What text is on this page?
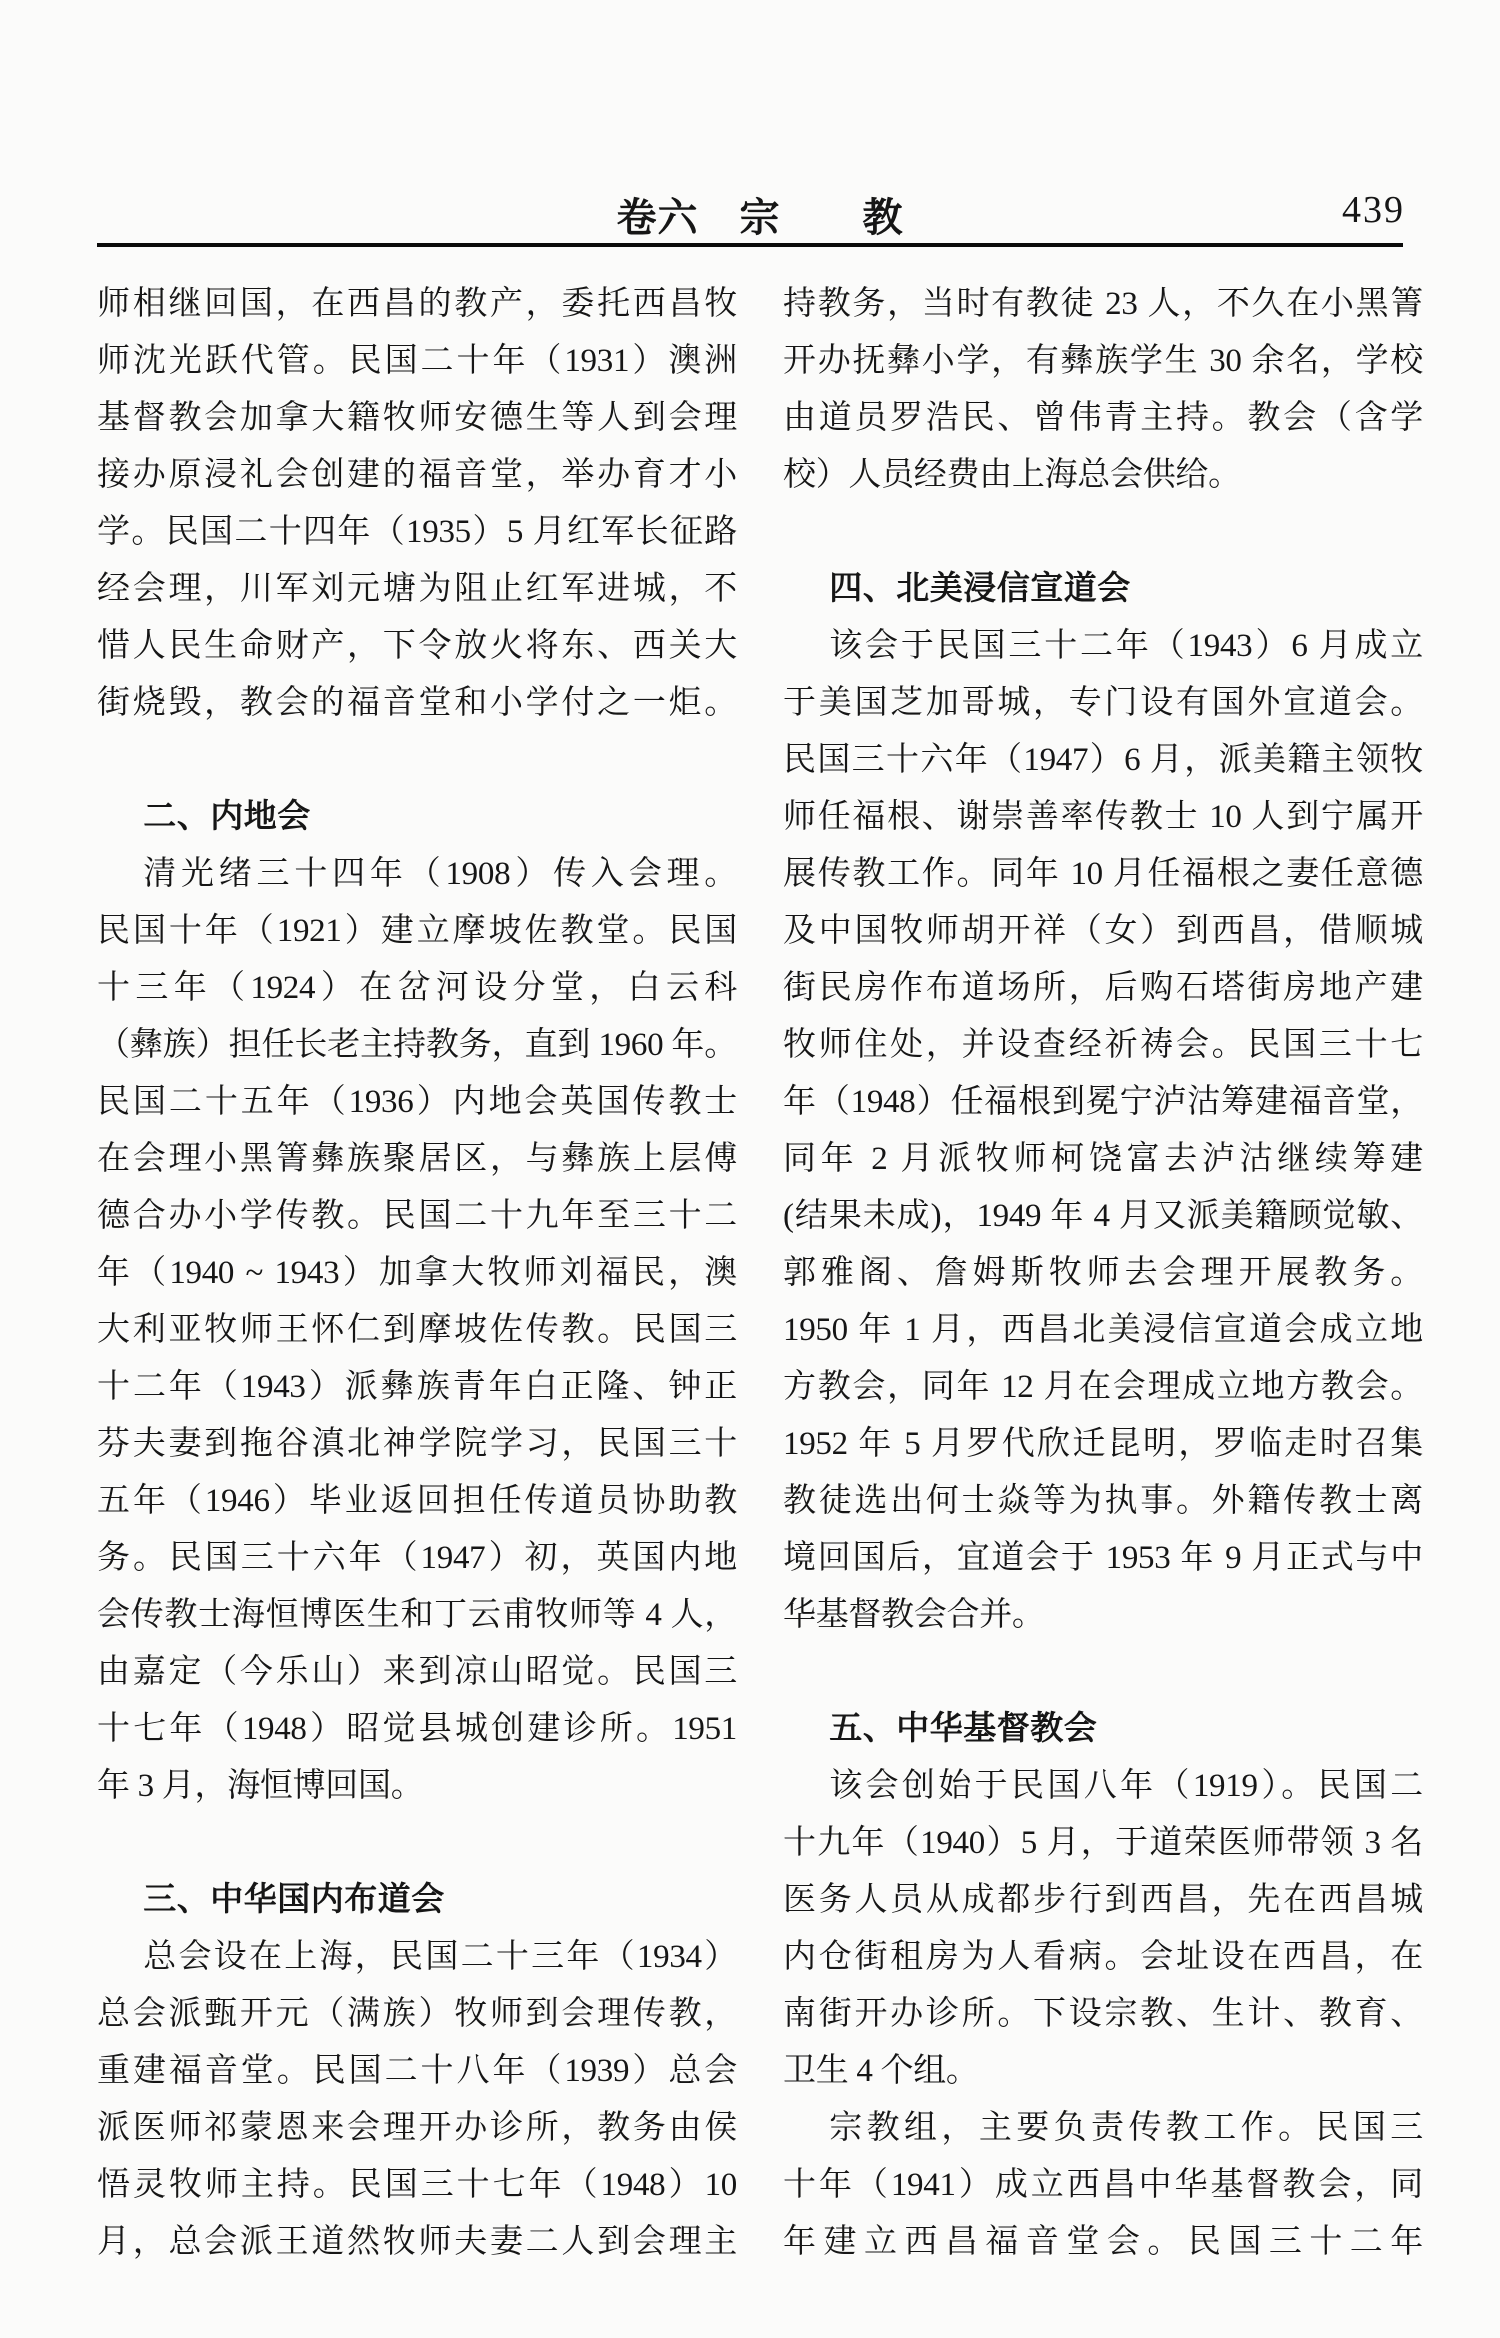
卷六　宗　　教	439
师相继回国，在西昌的教产，委托西昌牧
师沈光跃代管。民国二十年（1931）澳洲
基督教会加拿大籍牧师安德生等人到会理
接办原浸礼会创建的福音堂，举办育才小
学。民国二十四年（1935）5 月红军长征路
经会理，川军刘元塘为阻止红军进城，不
惜人民生命财产，下令放火将东、西关大
街烧毁，教会的福音堂和小学付之一炬。
二、内地会
清光绪三十四年（1908）传入会理。
民国十年（1921）建立摩坡佐教堂。民国
十三年（1924）在岔河设分堂，白云科
（彝族）担任长老主持教务，直到 1960 年。
民国二十五年（1936）内地会英国传教士
在会理小黑箐彝族聚居区，与彝族上层傅
德合办小学传教。民国二十九年至三十二
年（1940 ~ 1943）加拿大牧师刘福民，澳
大利亚牧师王怀仁到摩坡佐传教。民国三
十二年（1943）派彝族青年白正隆、钟正
芬夫妻到拖谷滇北神学院学习，民国三十
五年（1946）毕业返回担任传道员协助教
务。民国三十六年（1947）初，英国内地
会传教士海恒博医生和丁云甫牧师等 4 人，
由嘉定（今乐山）来到凉山昭觉。民国三
十七年（1948）昭觉县城创建诊所。1951
年 3 月，海恒博回国。
三、中华国内布道会
总会设在上海，民国二十三年（1934）
总会派甄开元（满族）牧师到会理传教，
重建福音堂。民国二十八年（1939）总会
派医师祁蒙恩来会理开办诊所，教务由侯
悟灵牧师主持。民国三十七年（1948）10
月，总会派王道然牧师夫妻二人到会理主
持教务，当时有教徒 23 人，不久在小黑箐
开办抚彝小学，有彝族学生 30 余名，学校
由道员罗浩民、曾伟青主持。教会（含学
校）人员经费由上海总会供给。
四、北美浸信宣道会
该会于民国三十二年（1943）6 月成立
于美国芝加哥城，专门设有国外宣道会。
民国三十六年（1947）6 月，派美籍主领牧
师任福根、谢崇善率传教士 10 人到宁属开
展传教工作。同年 10 月任福根之妻任意德
及中国牧师胡开祥（女）到西昌，借顺城
街民房作布道场所，后购石塔街房地产建
牧师住处，并设查经祈祷会。民国三十七
年（1948）任福根到冕宁泸沽筹建福音堂，
同年 2 月派牧师柯饶富去泸沽继续筹建
(结果未成)，1949 年 4 月又派美籍顾觉敏、
郭雅阁、詹姆斯牧师去会理开展教务。
1950 年 1 月，西昌北美浸信宣道会成立地
方教会，同年 12 月在会理成立地方教会。
1952 年 5 月罗代欣迁昆明，罗临走时召集
教徒选出何士焱等为执事。外籍传教士离
境回国后，宜道会于 1953 年 9 月正式与中
华基督教会合并。
五、中华基督教会
该会创始于民国八年（1919）。民国二
十九年（1940）5 月，于道荣医师带领 3 名
医务人员从成都步行到西昌，先在西昌城
内仓街租房为人看病。会址设在西昌，在
南街开办诊所。下设宗教、生计、教育、
卫生 4 个组。
宗教组，主要负责传教工作。民国三
十年（1941）成立西昌中华基督教会，同
年建立西昌福音堂会。民国三十二年
